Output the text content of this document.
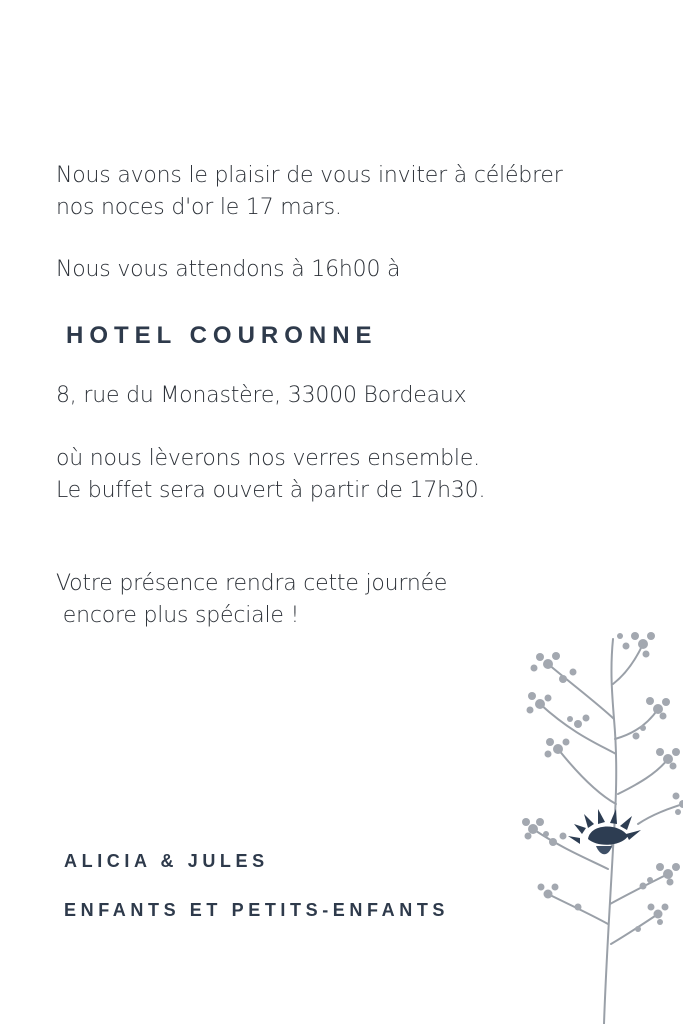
Nous avons le plaisir de vous inviter à célébrer
nos noces d'or le 17 mars.

Nous vous attendons à 16h00 à

HOTEL COURONNE

8, rue du Monastère, 33000 Bordeaux

où nous lèverons nos verres ensemble.
Le buffet sera ouvert à partir de 17h30.

Votre présence rendra cette journée
encore plus spéciale !

ALICIA & JULES

ENFANTS ET PETITS-ENFANTS
